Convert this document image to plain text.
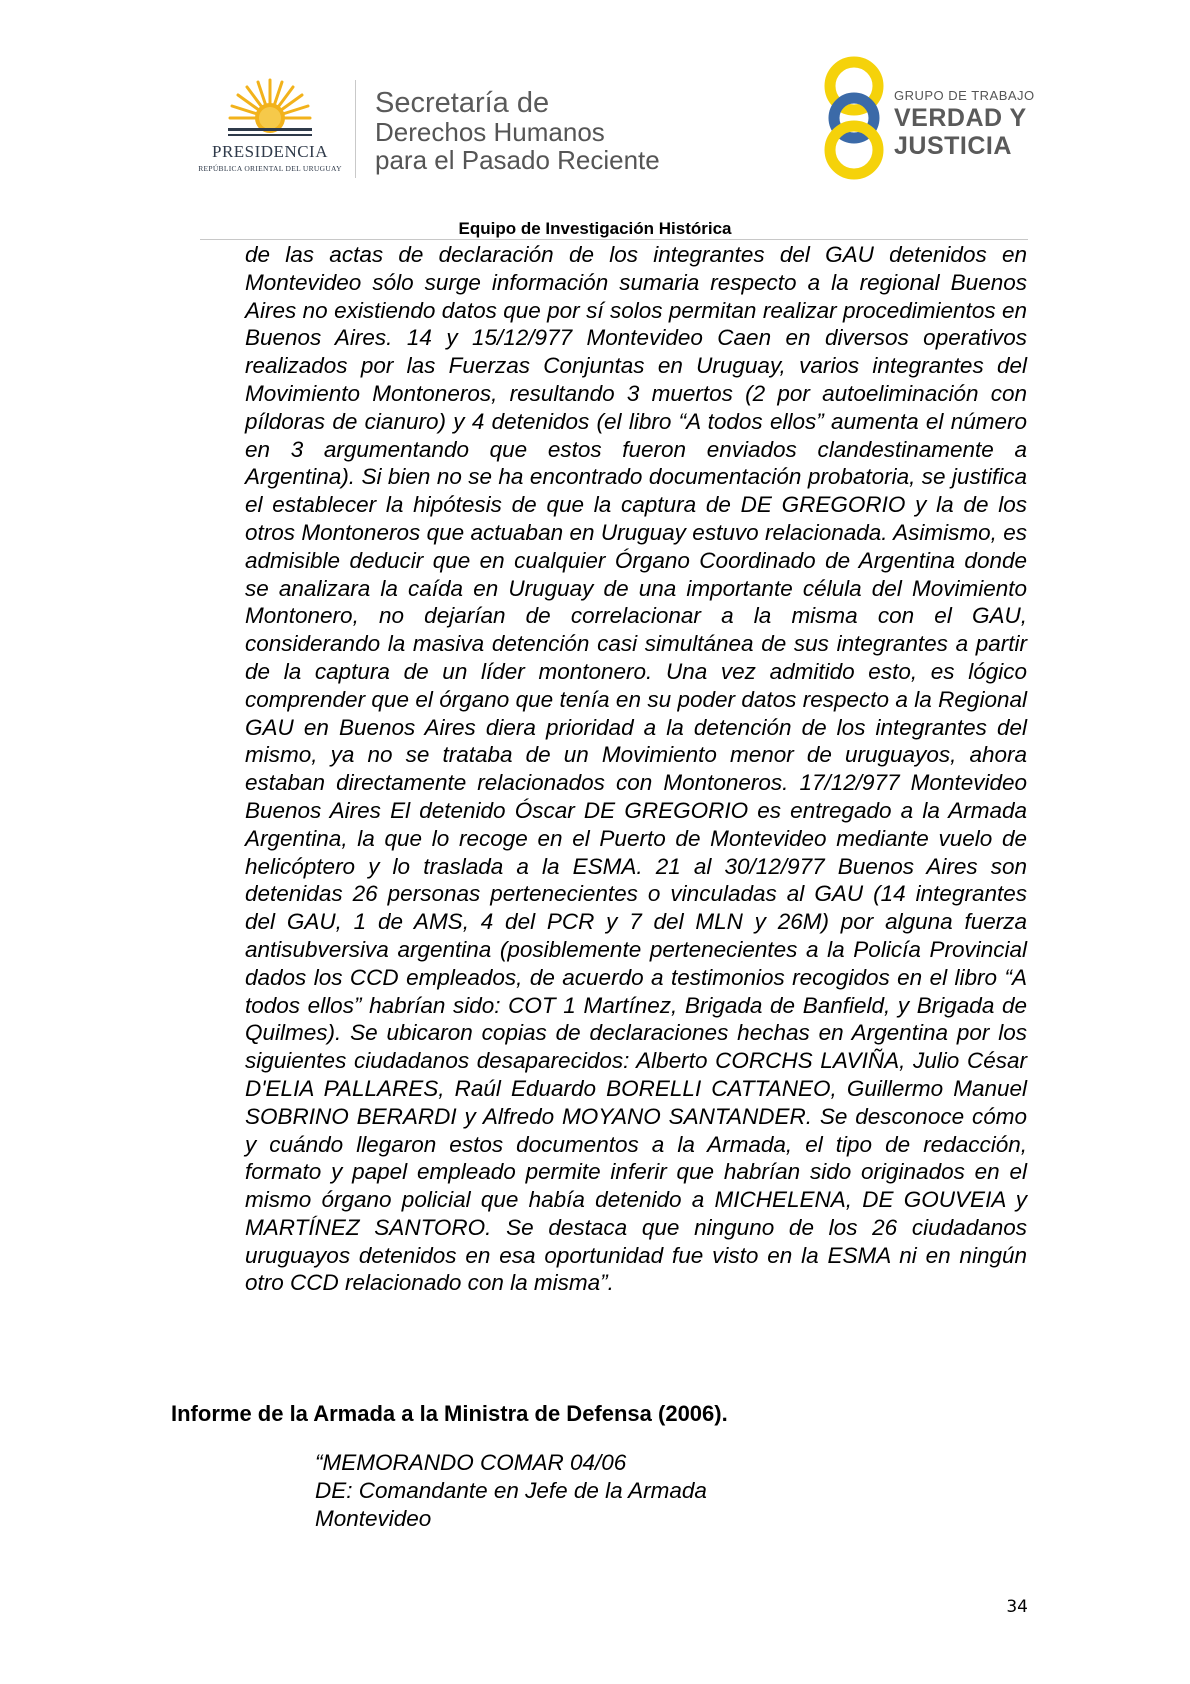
PRESIDENCIA
REPÚBLICA ORIENTAL DEL URUGUAY
Secretaría de
Derechos Humanos
para el Pasado Reciente
GRUPO DE TRABAJO
VERDAD Y
JUSTICIA
Equipo de Investigación Histórica
de las actas de declaración de los integrantes del GAU detenidos en Montevideo sólo surge información sumaria respecto a la regional Buenos Aires no existiendo datos que por sí solos permitan realizar procedimientos en Buenos Aires. 14 y 15/12/977 Montevideo Caen en diversos operativos realizados por las Fuerzas Conjuntas en Uruguay, varios integrantes del Movimiento Montoneros, resultando 3 muertos (2 por autoeliminación con píldoras de cianuro) y 4 detenidos (el libro “A todos ellos” aumenta el número en 3 argumentando que estos fueron enviados clandestinamente a Argentina). Si bien no se ha encontrado documentación probatoria, se justifica el establecer la hipótesis de que la captura de DE GREGORIO y la de los otros Montoneros que actuaban en Uruguay estuvo relacionada. Asimismo, es admisible deducir que en cualquier Órgano Coordinado de Argentina donde se analizara la caída en Uruguay de una importante célula del Movimiento Montonero, no dejarían de correlacionar a la misma con el GAU, considerando la masiva detención casi simultánea de sus integrantes a partir de la captura de un líder montonero. Una vez admitido esto, es lógico comprender que el órgano que tenía en su poder datos respecto a la Regional GAU en Buenos Aires diera prioridad a la detención de los integrantes del mismo, ya no se trataba de un Movimiento menor de uruguayos, ahora estaban directamente relacionados con Montoneros. 17/12/977 Montevideo Buenos Aires El detenido Óscar DE GREGORIO es entregado a la Armada Argentina, la que lo recoge en el Puerto de Montevideo mediante vuelo de helicóptero y lo traslada a la ESMA. 21 al 30/12/977 Buenos Aires son detenidas 26 personas pertenecientes o vinculadas al GAU (14 integrantes del GAU, 1 de AMS, 4 del PCR y 7 del MLN y 26M) por alguna fuerza antisubversiva argentina (posiblemente pertenecientes a la Policía Provincial dados los CCD empleados, de acuerdo a testimonios recogidos en el libro “A todos ellos” habrían sido: COT 1 Martínez, Brigada de Banfield, y Brigada de Quilmes). Se ubicaron copias de declaraciones hechas en Argentina por los siguientes ciudadanos desaparecidos: Alberto CORCHS LAVIÑA, Julio César D'ELIA PALLARES, Raúl Eduardo BORELLI CATTANEO, Guillermo Manuel SOBRINO BERARDI y Alfredo MOYANO SANTANDER. Se desconoce cómo y cuándo llegaron estos documentos a la Armada, el tipo de redacción, formato y papel empleado permite inferir que habrían sido originados en el mismo órgano policial que había detenido a MICHELENA, DE GOUVEIA y MARTÍNEZ SANTORO. Se destaca que ninguno de los 26 ciudadanos uruguayos detenidos en esa oportunidad fue visto en la ESMA ni en ningún otro CCD relacionado con la misma”.
Informe de la Armada a la Ministra de Defensa (2006).
“MEMORANDO COMAR 04/06
DE: Comandante en Jefe de la Armada
Montevideo
34
